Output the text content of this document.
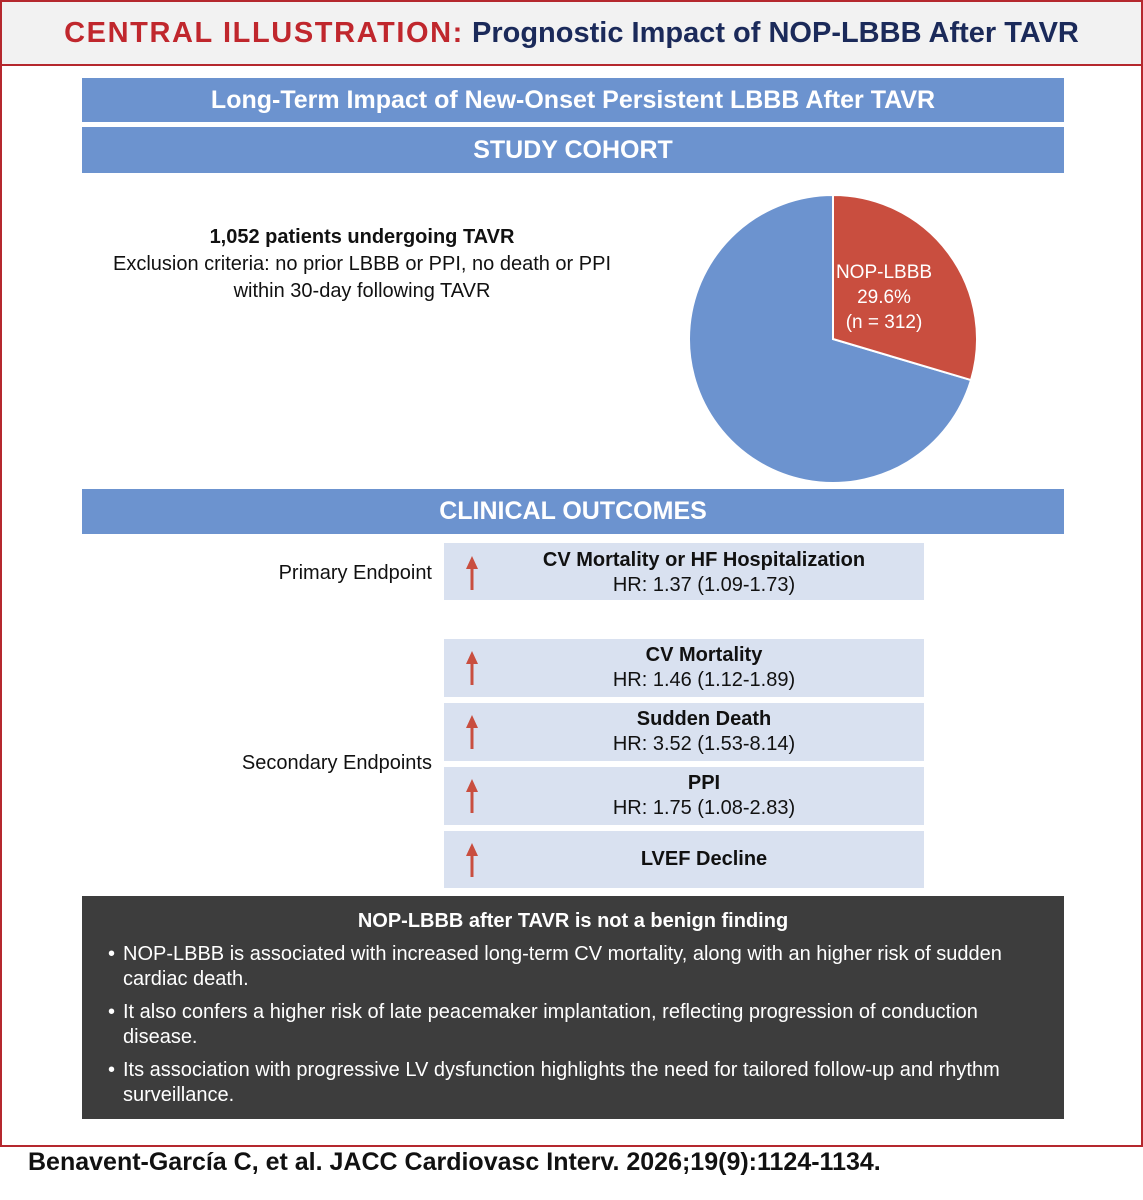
CENTRAL ILLUSTRATION: Prognostic Impact of NOP-LBBB After TAVR
Long-Term Impact of New-Onset Persistent LBBB After TAVR
STUDY COHORT
1,052 patients undergoing TAVR
Exclusion criteria: no prior LBBB or PPI, no death or PPI within 30-day following TAVR
NOP-LBBB
29.6%
(n = 312)
CLINICAL OUTCOMES
Primary Endpoint
Secondary Endpoints
CV Mortality or HF Hospitalization
HR: 1.37 (1.09-1.73)
CV Mortality
HR: 1.46 (1.12-1.89)
Sudden Death
HR: 3.52 (1.53-8.14)
PPI
HR: 1.75 (1.08-2.83)
LVEF Decline
NOP-LBBB after TAVR is not a benign finding
• NOP-LBBB is associated with increased long-term CV mortality, along with an higher risk of sudden cardiac death.
• It also confers a higher risk of late peacemaker implantation, reflecting progression of conduction disease.
• Its association with progressive LV dysfunction highlights the need for tailored follow-up and rhythm surveillance.
Benavent-García C, et al. JACC Cardiovasc Interv. 2026;19(9):1124-1134.
